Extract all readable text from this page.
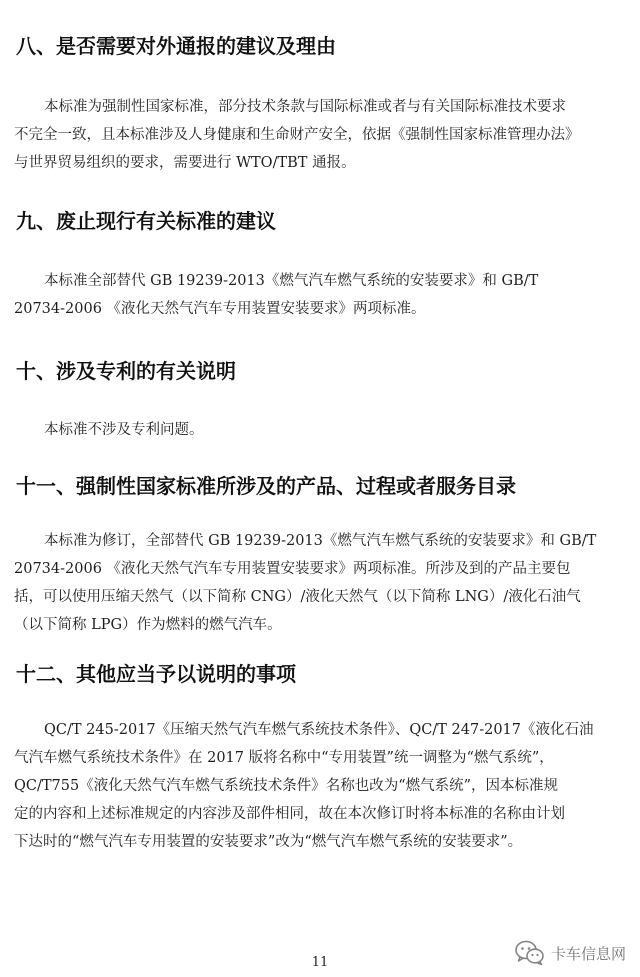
八、是否需要对外通报的建议及理由

本标准为强制性国家标准，部分技术条款与国际标准或者与有关国际标准技术要求
不完全一致，且本标准涉及人身健康和生命财产安全，依据《强制性国家标准管理办法》
与世界贸易组织的要求，需要进行 WTO/TBT 通报。

九、废止现行有关标准的建议

本标准全部替代 GB 19239-2013《燃气汽车燃气系统的安装要求》和 GB/T
20734-2006 《液化天然气汽车专用装置安装要求》两项标准。

十、涉及专利的有关说明

本标准不涉及专利问题。

十一、强制性国家标准所涉及的产品、过程或者服务目录

本标准为修订，全部替代 GB 19239-2013《燃气汽车燃气系统的安装要求》和 GB/T
20734-2006 《液化天然气汽车专用装置安装要求》两项标准。所涉及到的产品主要包
括，可以使用压缩天然气（以下简称 CNG）/液化天然气（以下简称 LNG）/液化石油气
（以下简称 LPG）作为燃料的燃气汽车。

十二、其他应当予以说明的事项

QC/T 245-2017《压缩天然气汽车燃气系统技术条件》、QC/T 247-2017《液化石油
气汽车燃气系统技术条件》在 2017 版将名称中“专用装置”统一调整为“燃气系统”，
QC/T755《液化天然气汽车燃气系统技术条件》名称也改为“燃气系统”，因本标准规
定的内容和上述标准规定的内容涉及部件相同，故在本次修订时将本标准的名称由计划
下达时的“燃气汽车专用装置的安装要求”改为“燃气汽车燃气系统的安装要求”。

卡车信息网
11
